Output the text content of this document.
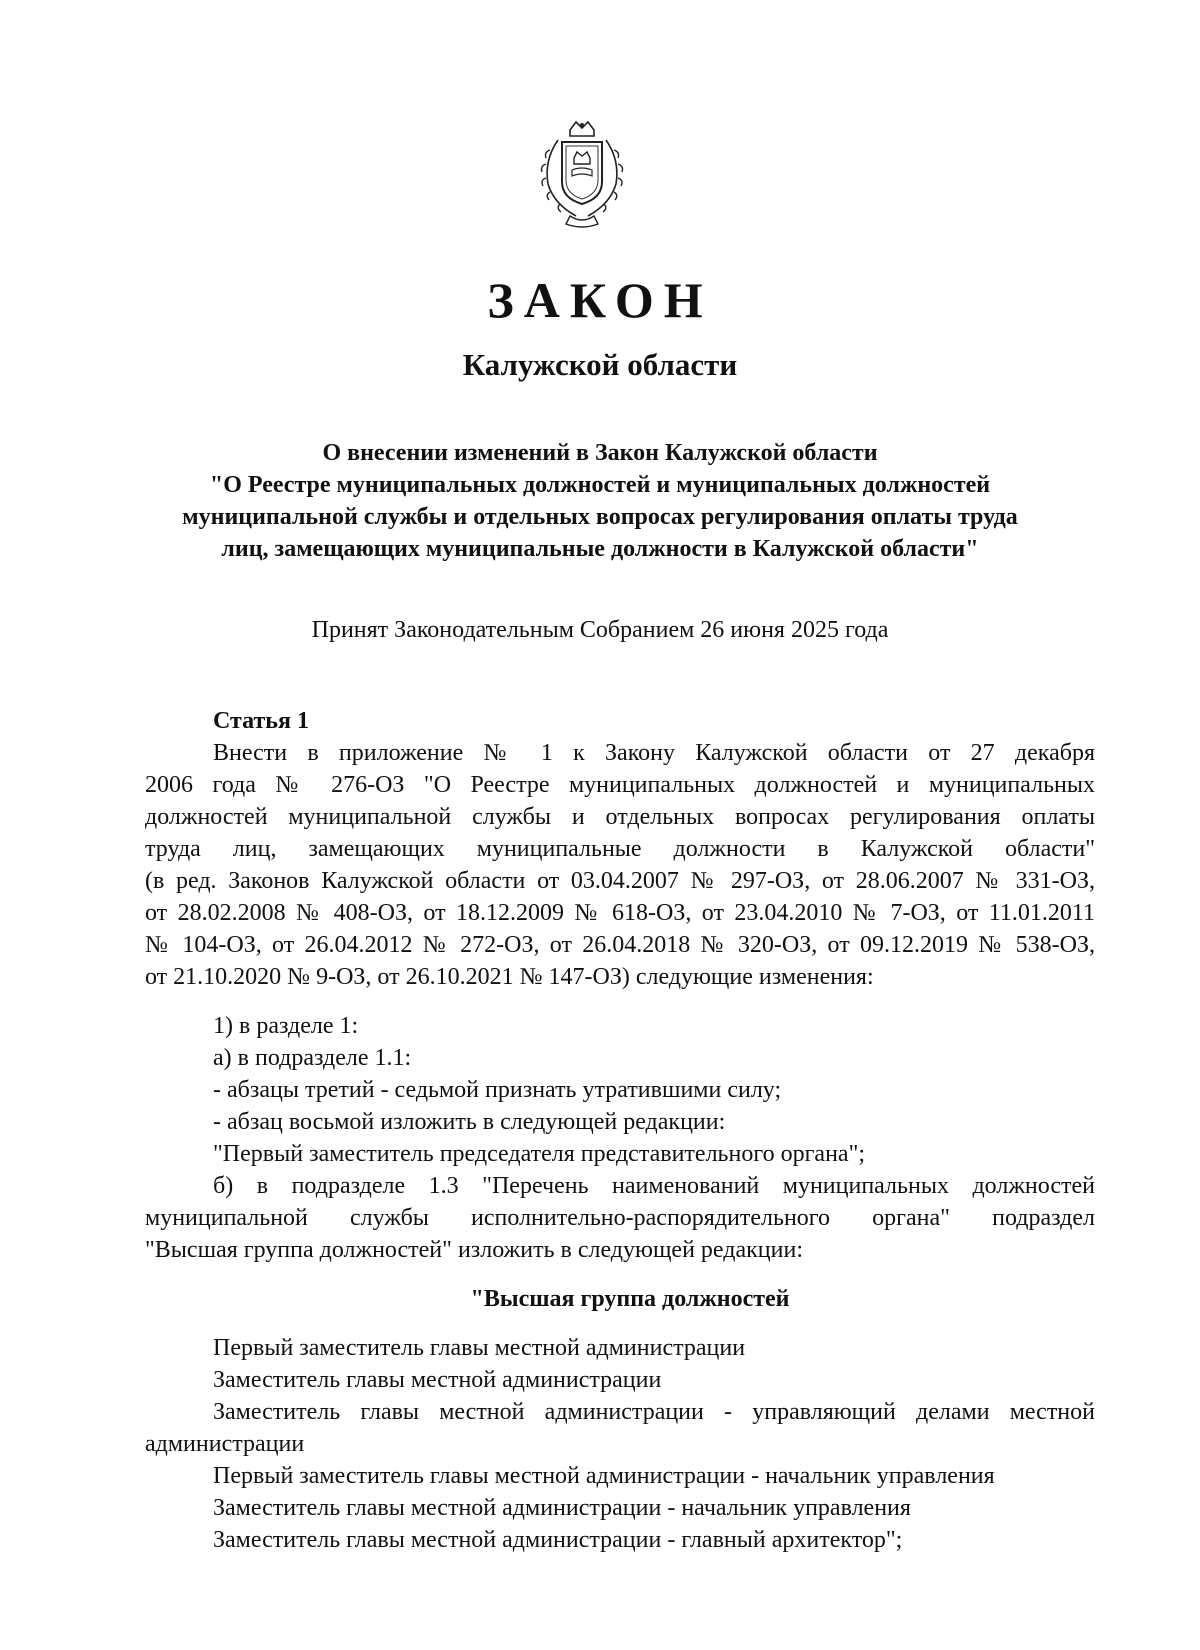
ЗАКОН
Калужской области
О внесении изменений в Закон Калужской области
"О Реестре муниципальных должностей и муниципальных должностей
муниципальной службы и отдельных вопросах регулирования оплаты труда
лиц, замещающих муниципальные должности в Калужской области"
Принят Законодательным Собранием 26 июня 2025 года

Статья 1

Внести в приложение № 1 к Закону Калужской области от 27 декабря

2006 года № 276-ОЗ "О Реестре муниципальных должностей и муниципальных

должностей муниципальной службы и отдельных вопросах регулирования оплаты

труда лиц, замещающих муниципальные должности в Калужской области"

(в ред. Законов Калужской области от 03.04.2007 № 297-ОЗ, от 28.06.2007 № 331-ОЗ,

от 28.02.2008 № 408-ОЗ, от 18.12.2009 № 618-ОЗ, от 23.04.2010 № 7-ОЗ, от 11.01.2011

№ 104-ОЗ, от 26.04.2012 № 272-ОЗ, от 26.04.2018 № 320-ОЗ, от 09.12.2019 № 538-ОЗ,

от 21.10.2020 № 9-ОЗ, от 26.10.2021 № 147-ОЗ) следующие изменения:

1) в разделе 1:

а) в подразделе 1.1:

- абзацы третий - седьмой признать утратившими силу;

- абзац восьмой изложить в следующей редакции:

"Первый заместитель председателя представительного органа";

б) в подразделе 1.3 "Перечень наименований муниципальных должностей

муниципальной службы исполнительно-распорядительного органа" подраздел

"Высшая группа должностей" изложить в следующей редакции:

"Высшая группа должностей

Первый заместитель главы местной администрации

Заместитель главы местной администрации

Заместитель главы местной администрации - управляющий делами местной

администрации

Первый заместитель главы местной администрации - начальник управления

Заместитель главы местной администрации - начальник управления

Заместитель главы местной администрации - главный архитектор";
